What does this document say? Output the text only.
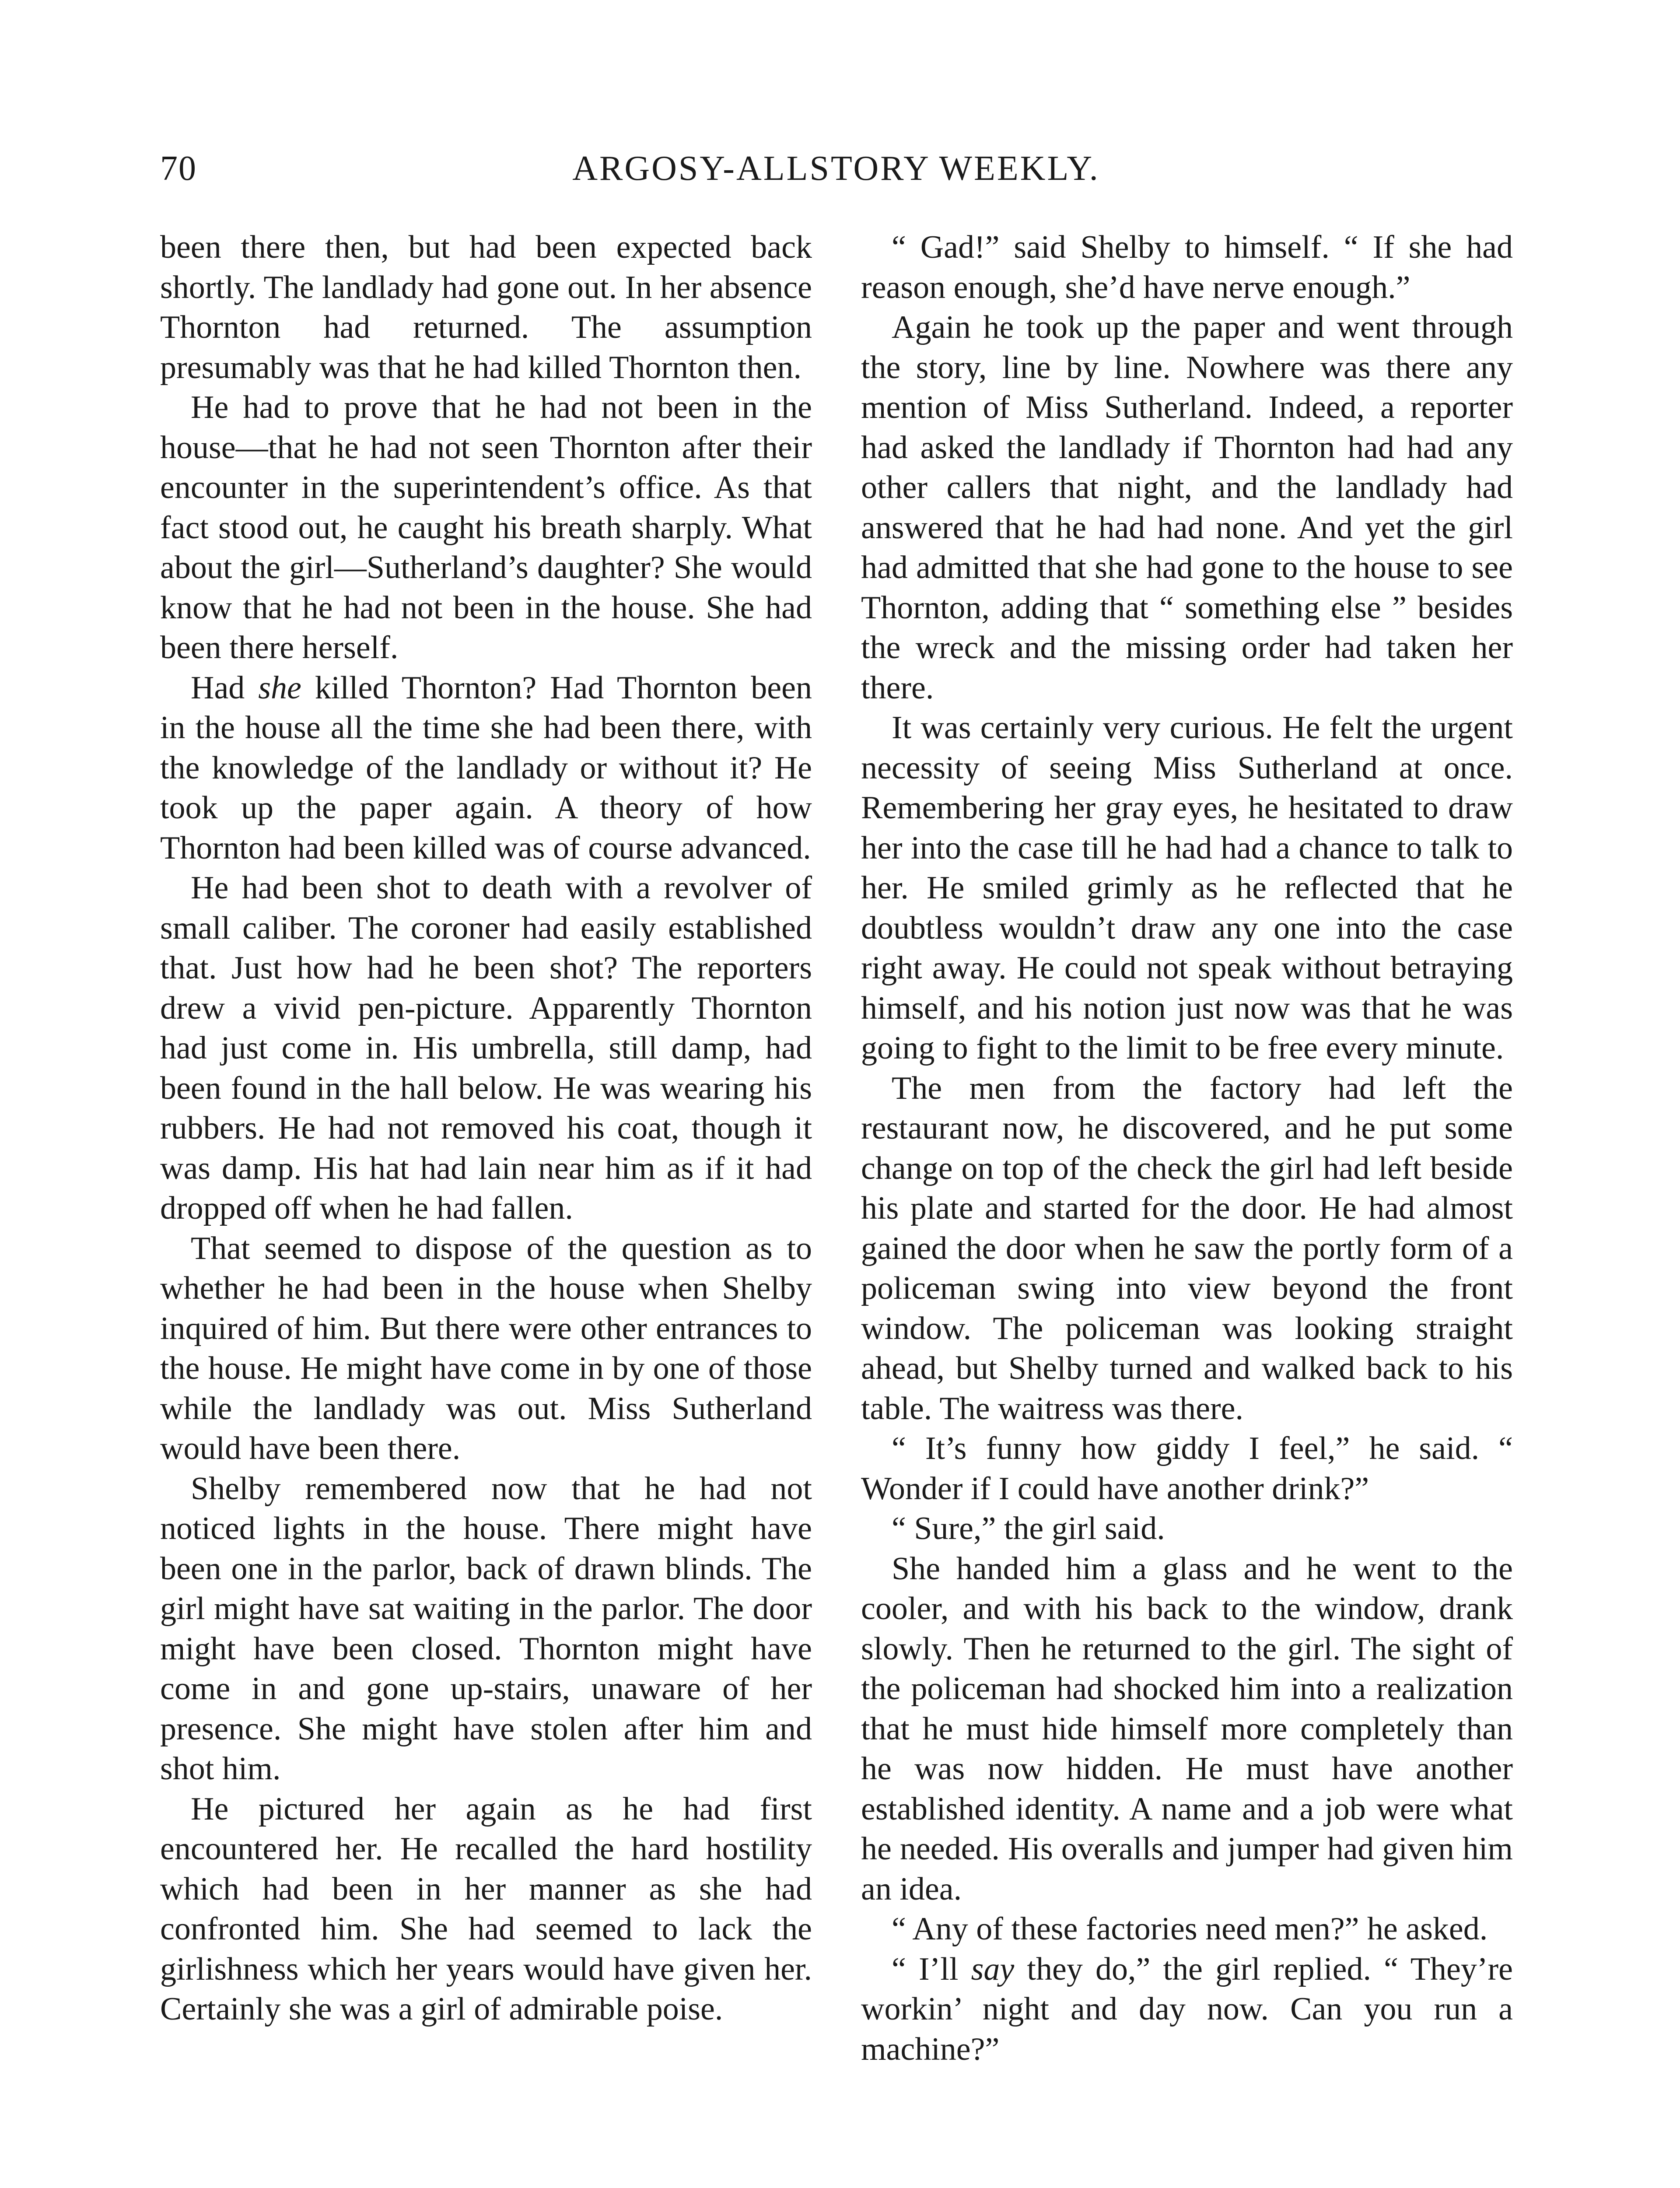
70	ARGOSY-ALLSTORY WEEKLY.

been there then, but had been expected back shortly. The landlady had gone out. In her absence Thornton had returned. The assumption presumably was that he had killed Thornton then.

He had to prove that he had not been in the house—that he had not seen Thornton after their encounter in the superintendent’s office. As that fact stood out, he caught his breath sharply. What about the girl—Sutherland’s daughter? She would know that he had not been in the house. She had been there herself.

Had she killed Thornton? Had Thornton been in the house all the time she had been there, with the knowledge of the landlady or without it? He took up the paper again. A theory of how Thornton had been killed was of course advanced.

He had been shot to death with a revolver of small caliber. The coroner had easily established that. Just how had he been shot? The reporters drew a vivid pen-picture. Apparently Thornton had just come in. His umbrella, still damp, had been found in the hall below. He was wearing his rubbers. He had not removed his coat, though it was damp. His hat had lain near him as if it had dropped off when he had fallen.

That seemed to dispose of the question as to whether he had been in the house when Shelby inquired of him. But there were other entrances to the house. He might have come in by one of those while the landlady was out. Miss Sutherland would have been there.

Shelby remembered now that he had not noticed lights in the house. There might have been one in the parlor, back of drawn blinds. The girl might have sat waiting in the parlor. The door might have been closed. Thornton might have come in and gone up-stairs, unaware of her presence. She might have stolen after him and shot him.

He pictured her again as he had first encountered her. He recalled the hard hostility which had been in her manner as she had confronted him. She had seemed to lack the girlishness which her years would have given her. Certainly she was a girl of admirable poise.

“ Gad!” said Shelby to himself. “ If she had reason enough, she’d have nerve enough.”

Again he took up the paper and went through the story, line by line. Nowhere was there any mention of Miss Sutherland. Indeed, a reporter had asked the landlady if Thornton had had any other callers that night, and the landlady had answered that he had had none. And yet the girl had admitted that she had gone to the house to see Thornton, adding that “ something else ” besides the wreck and the missing order had taken her there.

It was certainly very curious. He felt the urgent necessity of seeing Miss Sutherland at once. Remembering her gray eyes, he hesitated to draw her into the case till he had had a chance to talk to her. He smiled grimly as he reflected that he doubtless wouldn’t draw any one into the case right away. He could not speak without betraying himself, and his notion just now was that he was going to fight to the limit to be free every minute.

The men from the factory had left the restaurant now, he discovered, and he put some change on top of the check the girl had left beside his plate and started for the door. He had almost gained the door when he saw the portly form of a policeman swing into view beyond the front window. The policeman was looking straight ahead, but Shelby turned and walked back to his table. The waitress was there.

“ It’s funny how giddy I feel,” he said. “ Wonder if I could have another drink?”

“ Sure,” the girl said.

She handed him a glass and he went to the cooler, and with his back to the window, drank slowly. Then he returned to the girl. The sight of the policeman had shocked him into a realization that he must hide himself more completely than he was now hidden. He must have another established identity. A name and a job were what he needed. His overalls and jumper had given him an idea.

“ Any of these factories need men?” he asked.

“ I’ll say they do,” the girl replied. “ They’re workin’ night and day now. Can you run a machine?”
